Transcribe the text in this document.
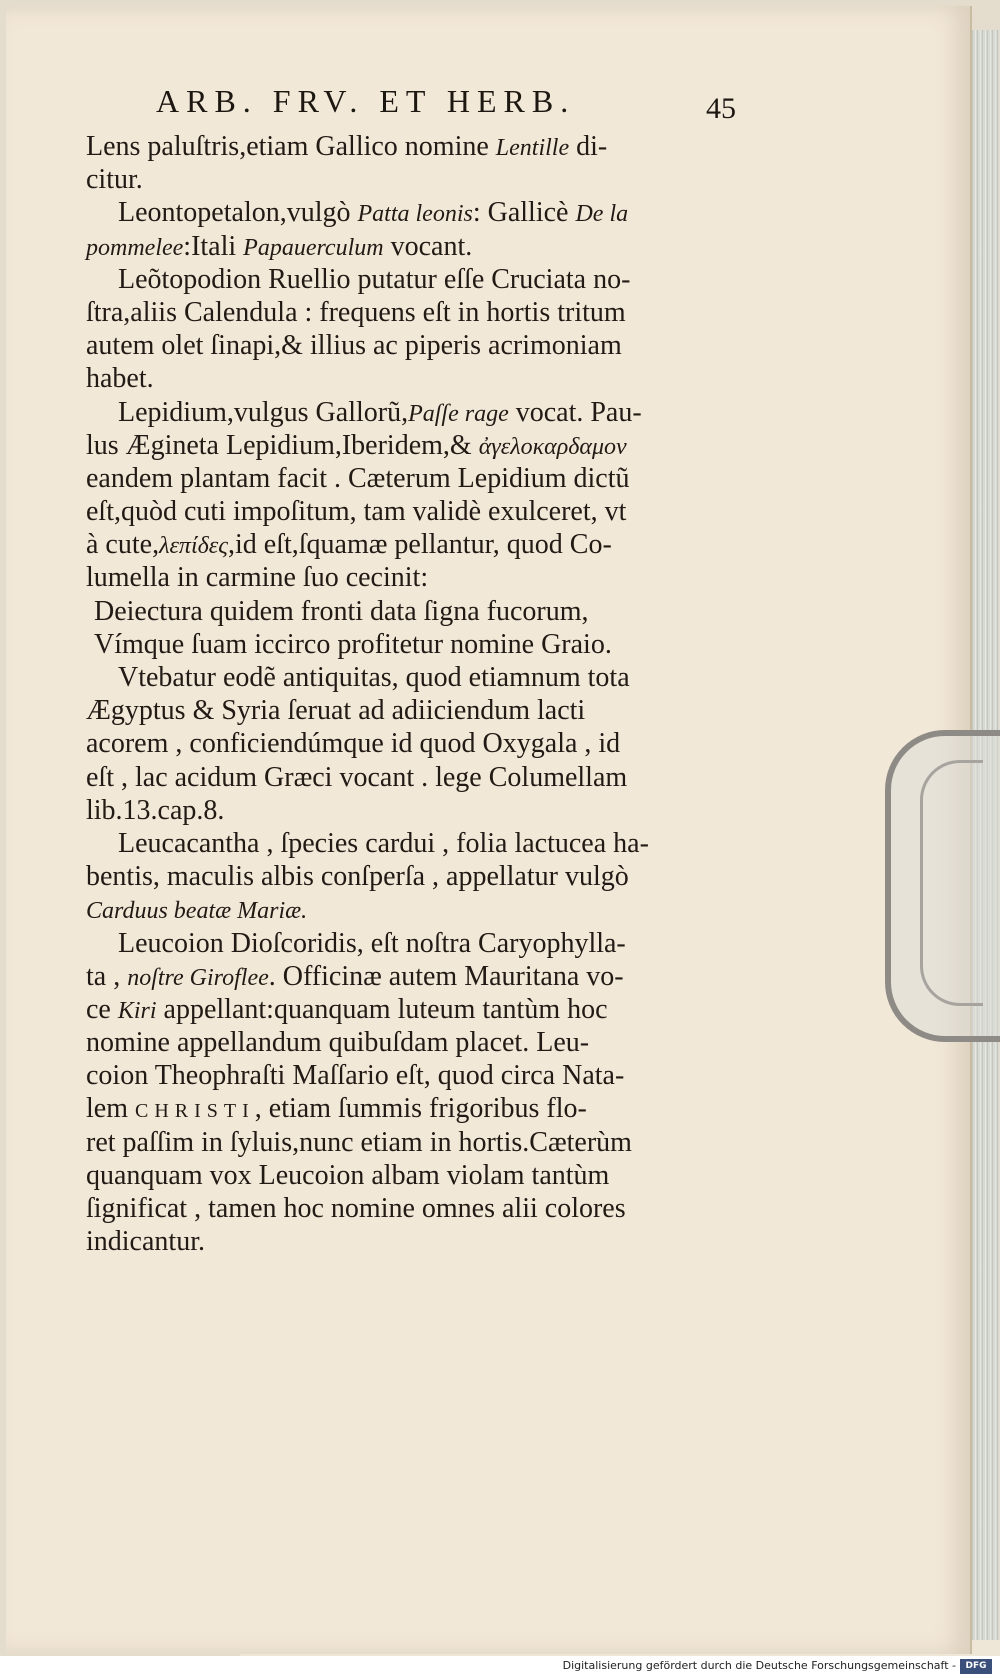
ARB. FRV. ET HERB.	45
Lens paluſtris,etiam Gallico nomine Lentille di-
citur.
Leontopetalon,vulgò Patta leonis: Gallicè De la
pommelee:Itali Papauerculum vocant.
Leõtopodion Ruellio putatur eſſe Cruciata no-
ſtra,aliis Calendula : frequens eſt in hortis tritum
autem olet ſinapi,& illius ac piperis acrimoniam
habet.
Lepidium,vulgus Gallorũ,Paſſe rage vocat. Pau-
lus Ægineta Lepidium,Iberidem,& ἀγελοκαρδαμον
eandem plantam facit . Cæterum Lepidium dictũ
eſt,quòd cuti impoſitum, tam validè exulceret, vt
à cute,λεπίδες,id eſt,ſquamæ pellantur, quod Co-
lumella in carmine ſuo cecinit:
Deiectura quidem fronti data ſigna fucorum,
Vímque ſuam iccirco profitetur nomine Graio.
Vtebatur eodẽ antiquitas, quod etiamnum tota
Ægyptus & Syria ſeruat ad adiiciendum lacti
acorem , conficiendúmque id quod Oxygala , id
eſt , lac acidum Græci vocant . lege Columellam
lib.13.cap.8.
Leucacantha , ſpecies cardui , folia lactucea ha-
bentis, maculis albis conſperſa , appellatur vulgò
Carduus beatæ Mariæ.
Leucoion Dioſcoridis, eſt noſtra Caryophylla-
ta , noſtre Giroflee. Officinæ autem Mauritana vo-
ce Kiri appellant:quanquam luteum tantùm hoc
nomine appellandum quibuſdam placet. Leu-
coion Theophraſti Maſſario eſt, quod circa Nata-
lem CHRISTI, etiam ſummis frigoribus flo-
ret paſſim in ſyluis,nunc etiam in hortis.Cæterùm
quanquam vox Leucoion albam violam tantùm
ſignificat , tamen hoc nomine omnes alii colores
indicantur.
Digitalisierung gefördert durch die Deutsche Forschungsgemeinschaft -	DFG
